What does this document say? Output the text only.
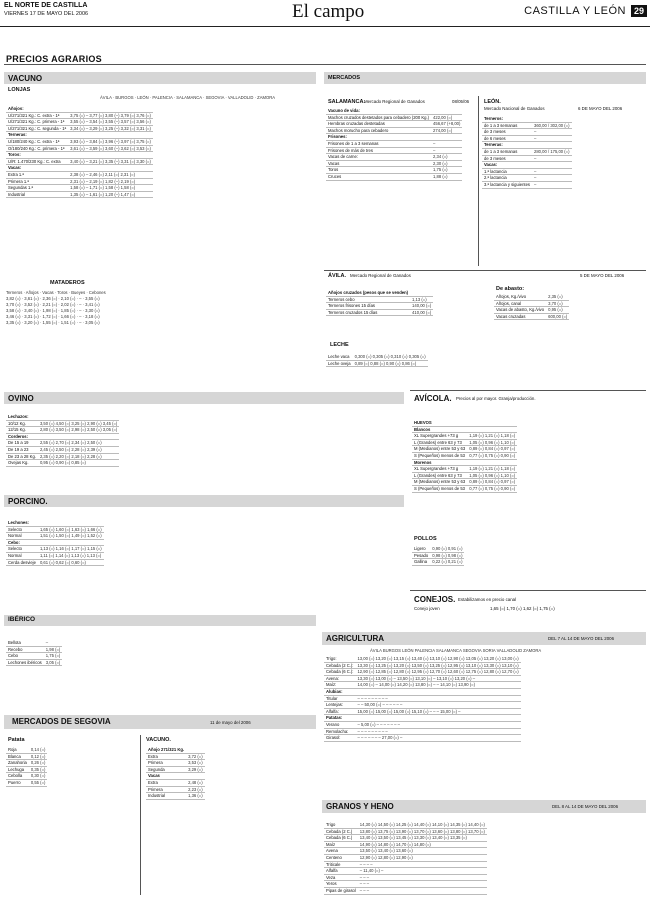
EL NORTE DE CASTILLA
VIERNES 17 DE MAYO DEL 2006	El campo	CASTILLA Y LEÓN 29
PRECIOS AGRARIOS
VACUNO
LONJAS
ÁVILA · BURGOS · LEÓN · PALENCIA · SALAMANCA · SEGOVIA · VALLADOLID · ZAMORA
Añojos:	
U/271/321 Kg.: C. extra - 1ª	3,75 (=) – 3,77 (=) 3,80 (–) 3,79 (=) 3,76 (=)
U/271/321 Kg.: C. primera - 1ª	3,55 (=) – 3,54 (=) 3,55 (–) 3,57 (=) 3,56 (=)
U/271/321 Kg.: C. segunda - 1ª	3,34 (=) – 3,29 (=) 3,25 (–) 3,32 (=) 3,31 (=)
Terneras:	
U/180/240 Kg.: C. extra - 1ª	3,93 (=) – 3,84 (=) 3,96 (–) 3,97 (=) 3,75 (=)
O/180/240 Kg.: C. primera - 1ª	3,61 (=) – 3,59 (=) 3,60 (–) 3,62 (=) 3,53 (=)
Toros:	
U/R: 1.470/230 Kg.: C. extra	3,40 (=) – 3,21 (=) 3,35 (–) 3,31 (=) 3,30 (=)
Vacas:	
Extra 1.ª	2,38 (=) – 2,46 (=) 2,11 (=) 2,31 (=)
Primera 1.ª	2,31 (=) – 2,19 (=) 1,82 (–) 2,19 (=)
Segundas 1.ª	1,58 (=) – 1,71 (=) 1,58 (–) 1,58 (=)
Industrial	1,35 (=) – 1,61 (=) 1,20 (–) 1,47 (=)
MATADEROS
Terneros · Añojos · Vacas · Toros · Bueyes · Cebones
3,82 (=) · 3,61 (=) · 2,36 (=) · 2,10 (=) · – · 3,55 (=)
3,70 (=) · 3,52 (=) · 2,21 (=) · 2,02 (=) · – · 3,41 (=)
3,58 (=) · 3,40 (=) · 1,98 (=) · 1,85 (=) · – · 3,30 (=)
3,46 (=) · 3,31 (=) · 1,72 (=) · 1,66 (=) · – · 3,18 (=)
3,35 (=) · 3,20 (=) · 1,55 (=) · 1,51 (=) · – · 3,05 (=)
OVINO
Lechazos:	
10/12 Kg.	3,50 (=) 4,50 (=) 3,25 (=) 2,90 (=) 3,45 (=)
12/15 Kg.	2,80 (=) 3,50 (=) 2,98 (=) 2,50 (=) 3,05 (=)
Corderos:	
De 15 a 19	2,55 (=) 2,70 (=) 2,34 (=) 2,50 (=)
De 19 a 23	2,45 (=) 2,50 (=) 2,28 (=) 2,39 (=)
De 23 a 28 Kg.	2,35 (=) 2,20 (=) 2,18 (=) 2,28 (=)
Ovejas Kg.	0,95 (=) 0,90 (=) 0,85 (=)
PORCINO.
Lechones:	
Selecto	1,65 (=) 1,60 (=) 1,63 (=) 1,66 (=)
Normal	1,51 (=) 1,50 (=) 1,49 (=) 1,52 (=)
Cebo:	
Selecto	1,13 (=) 1,16 (=) 1,17 (=) 1,15 (=)
Normal	1,11 (=) 1,14 (=) 1,13 (=) 1,13 (=)
Cerda desvieje	0,61 (=) 0,62 (=) 0,60 (=)
IBÉRICO
Bellota	–
Recebo	1,98 (=)
Cebo	1,75 (=)
Lechones ibéricos	3,05 (=)
MERCADOS DE SEGOVIA	11 de mayo del 2006
Patata
Roja	0,14 (=)
Blanca	0,12 (=)
Zanahoria	0,26 (=)
Lechuga	0,35 (=)
Cebolla	0,30 (=)
Puerro	0,55 (=)
VACUNO.
Añojo 271/321 Kg.	
Extra	3,72 (=)
Primera	3,53 (=)
Segunda	3,29 (=)
Vacas	
Extra	2,48 (=)
Primera	2,23 (=)
Industrial	1,36 (=)
MERCADOS
SALAMANCA. Mercado Regional de Ganados	08/05/06
Vacuno de vida:	
Machos cruzados destetados para cebadero (200 Kg.)	422,00 (=)
Hembras cruzadas destetadas	456,67 (+8,00)
Machos morucho para cebadero	274,00 (=)
Frisones:	
Frisones de 1 a 3 semanas	–
Frisones de más de tres	–
Vacas de carne:	2,34 (=)
Vacas	2,30 (=)
Toros	1,75 (=)
Cruces	1,88 (=)
LEÓN.
Mercado Nacional de Ganados	6 DE MAYO DEL 2006
Terneros:	
de 1 a 3 semanas	360,00 / 302,00 (=)
de 3 meses	–
de 6 meses	–
Terneras:	
de 1 a 3 semanas	280,00 / 175,00 (=)
de 3 meses	–
Vacas:	
1.ª lactancia	–
2.ª lactancia	–
3.ª lactancia y siguientes	–
ÁVILA. Mercado Regional de Ganados	5 DE MAYO DEL 2006
Añojos cruzados (pesos que se venden)	
Terneros cebo	1,13 (=)
Terneros frisones 15 días	140,00 (=)
Terneros cruzados 15 días	410,00 (=)
De abasto:
Añojos, Kg./vivo	2,35 (=)
Añojos, canal	3,70 (=)
Vacas de abasto, Kg./vivo	0,95 (=)
Vacas cruzadas	600,00 (=)
LECHE
Leche vaca	0,300 (=) 0,305 (=) 0,310 (=) 0,305 (=)
Leche oveja	0,89 (=) 0,88 (=) 0,90 (=) 0,86 (=)
AVÍCOLA. Precios al por mayor. Granja/producción.
HUEVOS	
Blancos	
XL Supergrandes +73 g	1,19 (=) 1,21 (=) 1,18 (=)
L (Grandes) entre 63 y 73	1,05 (=) 0,96 (=) 1,10 (=)
M (Medianos) entre 53 y 63	0,89 (=) 0,84 (=) 0,97 (=)
S (Pequeños) menos de 53	0,77 (=) 0,75 (=) 0,90 (=)
Morenos	
XL Supergrandes +73 g	1,19 (=) 1,21 (=) 1,18 (=)
L (Grandes) entre 63 y 73	1,05 (=) 0,96 (=) 1,10 (=)
M (Medianos) entre 53 y 63	0,89 (=) 0,84 (=) 0,97 (=)
S (Pequeños) menos de 53	0,77 (=) 0,75 (=) 0,90 (=)
POLLOS
Ligero	0,90 (=) 0,91 (=)
Pesado	0,98 (=) 0,98 (=)
Gallina	0,22 (=) 0,21 (=)
CONEJOS. Estabilizamos en precio canal
Conejo joven	1,65 (=) 1,70 (=) 1,62 (=) 1,75 (=)
AGRICULTURA	DEL 7 AL 14 DE MAYO DEL 2006
ÁVILA BURGOS LEÓN PALENCIA SALAMANCA SEGOVIA SORIA VALLADOLID ZAMORA
Trigo:	13,00 (=) 13,20 (=) 13,15 (=) 13,40 (=) 13,10 (=) 12,90 (=) 13,05 (=) 13,20 (=) 13,00 (=)
Cebada (2 C.):	13,30 (=) 13,25 (=) 13,20 (=) 13,50 (=) 13,25 (=) 12,95 (=) 13,10 (=) 13,30 (=) 13,10 (=)
Cebada (6 C.):	12,90 (=) 12,85 (=) 12,80 (=) 12,95 (=) 12,70 (=) 12,60 (=) 12,75 (=) 12,80 (=) 12,70 (=)
Avena:	13,30 (=) 13,00 (=) – 13,50 (=) 13,10 (=) – 13,10 (=) 13,20 (=) –
Maíz:	14,00 (=) – 14,00 (=) 14,20 (=) 13,80 (=) – – 14,10 (=) 13,90 (=)
Alubias:	
Titular	– – – – – – – – –
Lentejas:	– – 50,00 (=) – – – – – –
Alfalfa:	15,00 (=) 15,00 (=) 15,00 (=) 15,10 (=) – – – 15,00 (=) –
Patatas:	
Verano	– 5,00 (=) – – – – – – –
Remolacha:	– – – – – – – – –
Girasol:	– – – – – – – 27,00 (=) –
GRANOS Y HENO	DEL 8 AL 14 DE MAYO DEL 2006
Trigo	14,30 (=) 14,50 (=) 14,25 (=) 14,40 (=) 14,10 (=) 14,35 (=) 14,40 (=)
Cebada (2 C.)	13,80 (=) 13,75 (=) 13,90 (=) 13,70 (=) 13,60 (=) 13,80 (=) 13,70 (=)
Cebada (6 C.)	13,40 (=) 13,50 (=) 13,45 (=) 13,30 (=) 13,40 (=) 13,35 (=)
Maíz	14,90 (=) 14,80 (=) 14,70 (=) 14,80 (=)
Avena	13,50 (=) 13,40 (=) 13,60 (=)
Centeno	12,90 (=) 12,80 (=) 12,90 (=)
Triticale	– – – –
Alfalfa	– 11,40 (=) –
Veza	– – –
Yeros	– – –
Pipas de girasol	– – –
